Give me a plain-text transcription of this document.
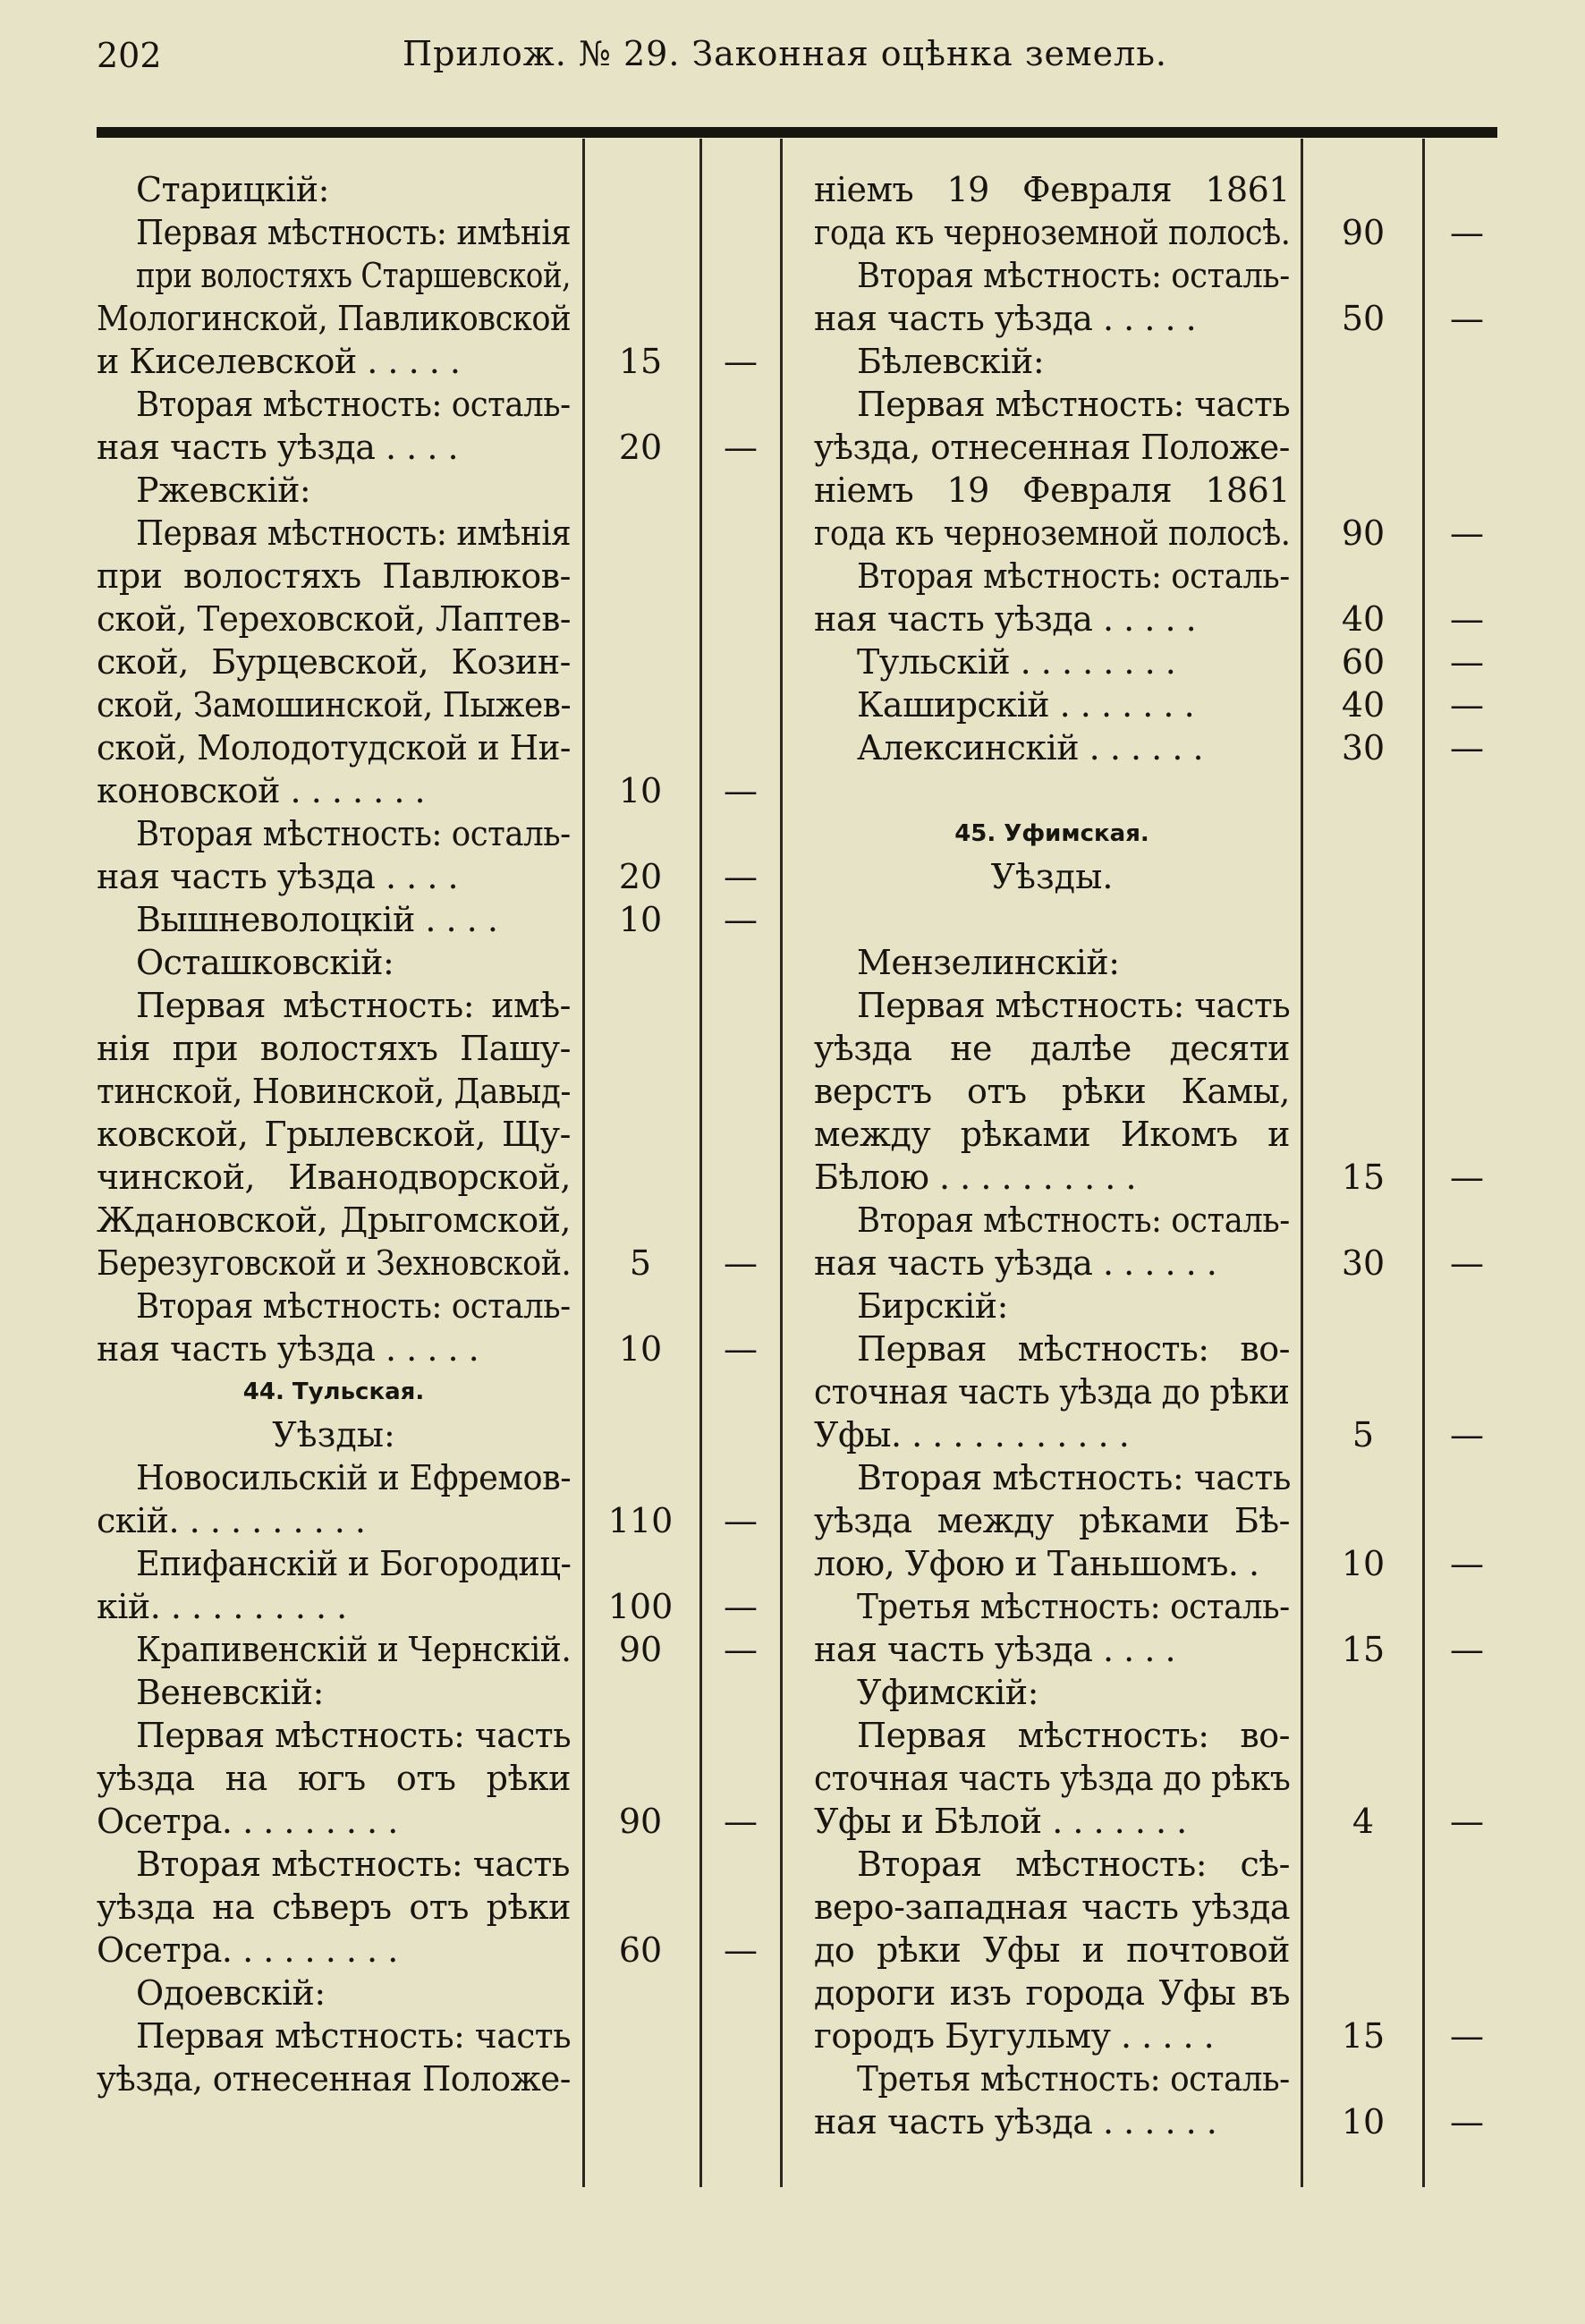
202	Прилож. № 29. Законная оцѣнка земель.
Старицкій:
Первая мѣстность: имѣнія
при волостяхъ Старшевской,
Мологинской, Павликовской
и Киселевской . . . . .	15	—
Вторая мѣстность: осталь-
ная часть уѣзда . . . .	20	—
Ржевскій:
Первая мѣстность: имѣнія
при волостяхъ Павлюков-
ской, Тереховской, Лаптев-
ской, Бурцевской, Козин-
ской, Замошинской, Пыжев-
ской, Молодотудской и Ни-
коновской . . . . . . .	10	—
Вторая мѣстность: осталь-
ная часть уѣзда . . . .	20	—
Вышневолоцкій . . . .	10	—
Осташковскій:
Первая мѣстность: имѣ-
нія при волостяхъ Пашу-
тинской, Новинской, Давыд-
ковской, Грылевской, Щу-
чинской, Иванодворской,
Ждановской, Дрыгомской,
Березуговской и Зехновской.	5	—
Вторая мѣстность: осталь-
ная часть уѣзда . . . . .	10	—
44. Тульская.
Уѣзды:
Новосильскій и Ефремов-
скій. . . . . . . . . .	110	—
Епифанскій и Богородиц-
кій. . . . . . . . . .	100	—
Крапивенскій и Чернскій.	90	—
Веневскій:
Первая мѣстность: часть
уѣзда на югъ отъ рѣки
Осетра. . . . . . . . .	90	—
Вторая мѣстность: часть
уѣзда на сѣверъ отъ рѣки
Осетра. . . . . . . . .	60	—
Одоевскій:
Первая мѣстность: часть
уѣзда, отнесенная Положе-
ніемъ 19 Февраля 1861
года къ черноземной полосѣ.	90	—
Вторая мѣстность: осталь-
ная часть уѣзда . . . . .	50	—
Бѣлевскій:
Первая мѣстность: часть
уѣзда, отнесенная Положе-
ніемъ 19 Февраля 1861
года къ черноземной полосѣ.	90	—
Вторая мѣстность: осталь-
ная часть уѣзда . . . . .	40	—
Тульскій . . . . . . . .	60	—
Каширскій . . . . . . .	40	—
Алексинскій . . . . . .	30	—
45. Уфимская.
Уѣзды.
Мензелинскій:
Первая мѣстность: часть
уѣзда не далѣе десяти
верстъ отъ рѣки Камы,
между рѣками Икомъ и
Бѣлою . . . . . . . . . .	15	—
Вторая мѣстность: осталь-
ная часть уѣзда . . . . . .	30	—
Бирскій:
Первая мѣстность: во-
сточная часть уѣзда до рѣки
Уфы. . . . . . . . . . . .	5	—
Вторая мѣстность: часть
уѣзда между рѣками Бѣ-
лою, Уфою и Таньшомъ. .	10	—
Третья мѣстность: осталь-
ная часть уѣзда . . . .	15	—
Уфимскій:
Первая мѣстность: во-
сточная часть уѣзда до рѣкъ
Уфы и Бѣлой . . . . . . .	4	—
Вторая мѣстность: сѣ-
веро-западная часть уѣзда
до рѣки Уфы и почтовой
дороги изъ города Уфы въ
городъ Бугульму . . . . .	15	—
Третья мѣстность: осталь-
ная часть уѣзда . . . . . .	10	—
